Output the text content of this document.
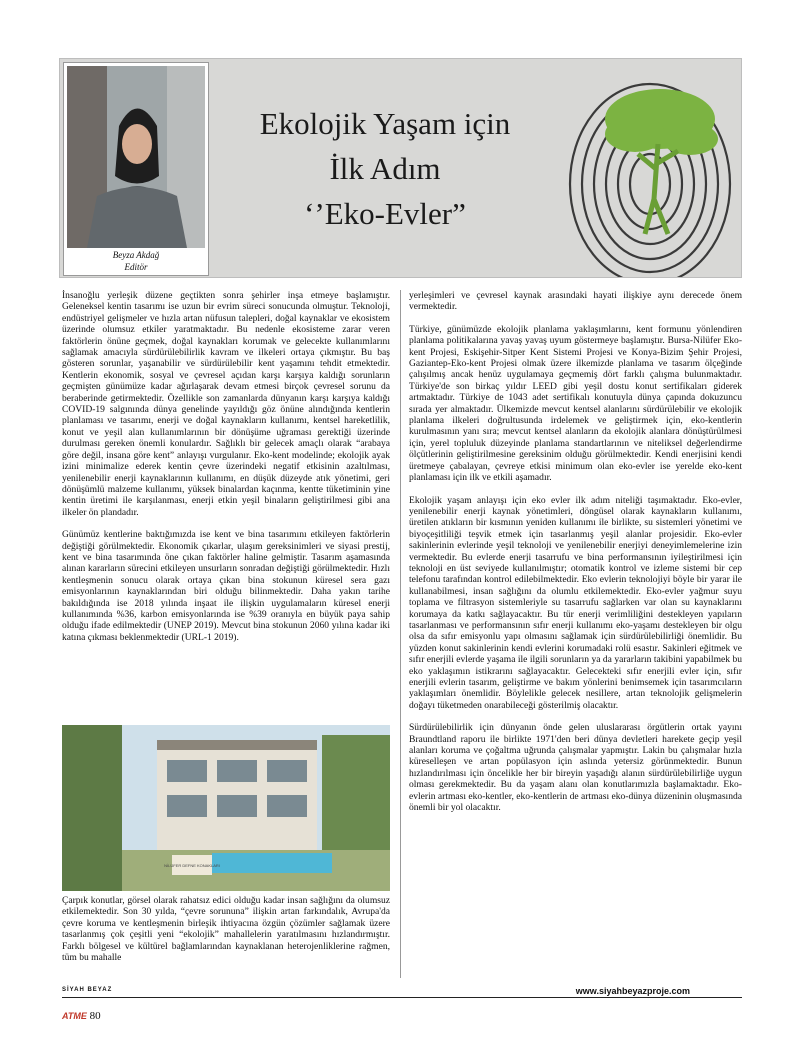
Beyza Akdağ
Editör
Ekolojik Yaşam için
İlk Adım
‘’Eko-Evler”

İnsanoğlu yerleşik düzene geçtikten sonra şehirler inşa etmeye başlamıştır. Geleneksel kentin tasarımı ise uzun bir evrim süreci sonucunda olmuştur. Teknoloji, endüstriyel gelişmeler ve hızla artan nüfusun talepleri, doğal kaynaklar ve ekosistem üzerinde olumsuz etkiler yaratmaktadır. Bu nedenle ekosisteme zarar veren faktörlerin önüne geçmek, doğal kaynakları korumak ve gelecekte kullanımlarını sağlamak amacıyla sürdürülebilirlik kavram ve ilkeleri ortaya çıkmıştır. Bu baş gösteren sorunlar, yaşanabilir ve sürdürülebilir kent yaşamını tehdit etmektedir. Kentlerin ekonomik, sosyal ve çevresel açıdan karşı karşıya kaldığı sorunların geçmişten günümüze kadar ağırlaşarak devam etmesi birçok çevresel sorunu da beraberinde getirmektedir. Özellikle son zamanlarda dünyanın karşı karşıya kaldığı COVID-19 salgınında dünya genelinde yayıldığı göz önüne alındığında kentlerin planlaması ve tasarımı, enerji ve doğal kaynakların kullanımı, kentsel hareketlilik, konut ve yeşil alan kullanımlarının bir dönüşüme uğraması gerektiği üzerinde durulması gereken önemli konulardır. Sağlıklı bir gelecek amaçlı olarak “arabaya göre değil, insana göre kent” anlayışı vurgulanır. Eko-kent modelinde; ekolojik ayak izini minimalize ederek kentin çevre üzerindeki negatif etkisinin azaltılması, yenilenebilir enerji kaynaklarının kullanımı, en düşük düzeyde atık yönetimi, geri dönüşümlü malzeme kullanımı, yüksek binalardan kaçınma, kentte tüketiminin yine kentin üretimi ile karşılanması, enerji etkin yeşil binaların geliştirilmesi gibi ana ilkeler ön plandadır.

Günümüz kentlerine baktığımızda ise kent ve bina tasarımını etkileyen faktörlerin değiştiği görülmektedir. Ekonomik çıkarlar, ulaşım gereksinimleri ve siyasi prestij, kent ve bina tasarımında öne çıkan faktörler haline gelmiştir. Tasarım aşamasında alınan kararların sürecini etkileyen unsurların sonradan değiştiği görülmektedir. Hızlı kentleşmenin sonucu olarak ortaya çıkan bina stokunun küresel sera gazı emisyonlarının kaynaklarından biri olduğu bilinmektedir. Daha yakın tarihe bakıldığında ise 2018 yılında inşaat ile ilişkin uygulamaların küresel enerji kullanımında %36, karbon emisyonlarında ise %39 oranıyla en büyük paya sahip olduğu ifade edilmektedir (UNEP 2019). Mevcut bina stokunun 2060 yılına kadar iki katına çıkması beklenmektedir (URL-1 2019).

NİLÜFER DEFNE KONAKLARI

Çarpık konutlar, görsel olarak rahatsız edici olduğu kadar insan sağlığını da olumsuz etkilemektedir. Son 30 yılda, “çevre sorununa” ilişkin artan farkındalık, Avrupa'da çevre koruma ve kentleşmenin birleşik ihtiyacına özgün çözümler sağlamak üzere tasarlanmış çok çeşitli yeni “ekolojik” mahallelerin yaratılmasını hızlandırmıştır. Farklı bölgesel ve kültürel bağlamlarından kaynaklanan heterojenliklerine rağmen, tüm bu mahalle

yerleşimleri ve çevresel kaynak arasındaki hayati ilişkiye aynı derecede önem vermektedir.

Türkiye, günümüzde ekolojik planlama yaklaşımlarını, kent formunu yönlendiren planlama politikalarına yavaş yavaş uyum göstermeye başlamıştır. Bursa-Nilüfer Eko-kent Projesi, Eskişehir-Sitper Kent Sistemi Projesi ve Konya-Bizim Şehir Projesi, Gaziantep-Eko-kent Projesi olmak üzere ilkemizde planlama ve tasarım ölçeğinde çalışılmış ancak henüz uygulamaya geçmemiş dört farklı çalışma bulunmaktadır. Türkiye'de son birkaç yıldır LEED gibi yeşil dostu konut sertifikaları giderek artmaktadır. Türkiye de 1043 adet sertifikalı konutuyla dünya çapında dokuzuncu sırada yer almaktadır. Ülkemizde mevcut kentsel alanlarını sürdürülebilir ve ekolojik planlama ilkeleri doğrultusunda irdelemek ve geliştirmek için, eko-kentlerin kurulmasının yanı sıra; mevcut kentsel alanların da ekolojik alanlara dönüştürülmesi için, yerel topluluk düzeyinde planlama standartlarının ve niteliksel değerlendirme ölçütlerinin geliştirilmesine gereksinim olduğu görülmektedir. Kendi enerjisini kendi üretmeye çabalayan, çevreye etkisi minimum olan eko-evler ise yerelde eko-kent planlaması için ilk ve etkili aşamadır.

Ekolojik yaşam anlayışı için eko evler ilk adım niteliği taşımaktadır. Eko-evler, yenilenebilir enerji kaynak yönetimleri, döngüsel olarak kaynakların kullanımı, üretilen atıkların bir kısmının yeniden kullanımı ile birlikte, su sistemleri yönetimi ve biyoçeşitliliği teşvik etmek için tasarlanmış yeşil alanlar projesidir. Eko-evler sakinlerinin evlerinde yeşil teknoloji ve yenilenebilir enerjiyi deneyimlemelerine izin vermektedir. Bu evlerde enerji tasarrufu ve bina performansının iyileştirilmesi için teknoloji en üst seviyede kullanılmıştır; otomatik kontrol ve izleme sistemi bir cep telefonu tarafından kontrol edilebilmektedir. Eko evlerin teknolojiyi böyle bir yarar ile kullanabilmesi, insan sağlığını da olumlu etkilemektedir. Eko-evler yağmur suyu toplama ve filtrasyon sistemleriyle su tasarrufu sağlarken var olan su kaynaklarını korumaya da katkı sağlayacaktır. Bu tür enerji verimliliğini destekleyen yapıların tasarlanması ve performansının sıfır enerji kullanımı eko-yaşamı destekleyen bir olgu olsa da sıfır emisyonlu yapı olmasını sağlamak için sürdürülebilirliği önemlidir. Bu yüzden konut sakinlerinin kendi evlerini korumadaki rolü esastır. Sakinleri eğitmek ve sıfır enerjili evlerde yaşama ile ilgili sorunların ya da yararların takibini yapabilmek bu eko yaklaşımın istikrarını sağlayacaktır. Gelecekteki sıfır enerjili evler için, sıfır enerjili evlerin tasarım, geliştirme ve bakım yönlerini benimsemek için tasarımcıların yaklaşımları önemlidir. Böylelikle gelecek nesillere, artan teknolojik gelişmelerin doğayı tüketmeden onarabileceği gösterilmiş olacaktır.

Sürdürülebilirlik için dünyanın önde gelen uluslararası örgütlerin ortak yayını Braundtland raporu ile birlikte 1971'den beri dünya devletleri harekete geçip yeşil alanları koruma ve çoğaltma uğrunda çalışmalar yapmıştır. Lakin bu çalışmalar hızla küreselleşen ve artan popülasyon için aslında yetersiz görünmektedir. Bunun hızlandırılması için öncelikle her bir bireyin yaşadığı alanın sürdürülebilirliğe uygun olması gerekmektedir. Bu da yaşam alanı olan konutlarımızla başlamaktadır. Eko-evlerin artması eko-kentler, eko-kentlerin de artması eko-dünya düzeninin oluşmasında önemli bir yol olacaktır.

SİYAH BEYAZ	www.siyahbeyazproje.com
ATME 80
